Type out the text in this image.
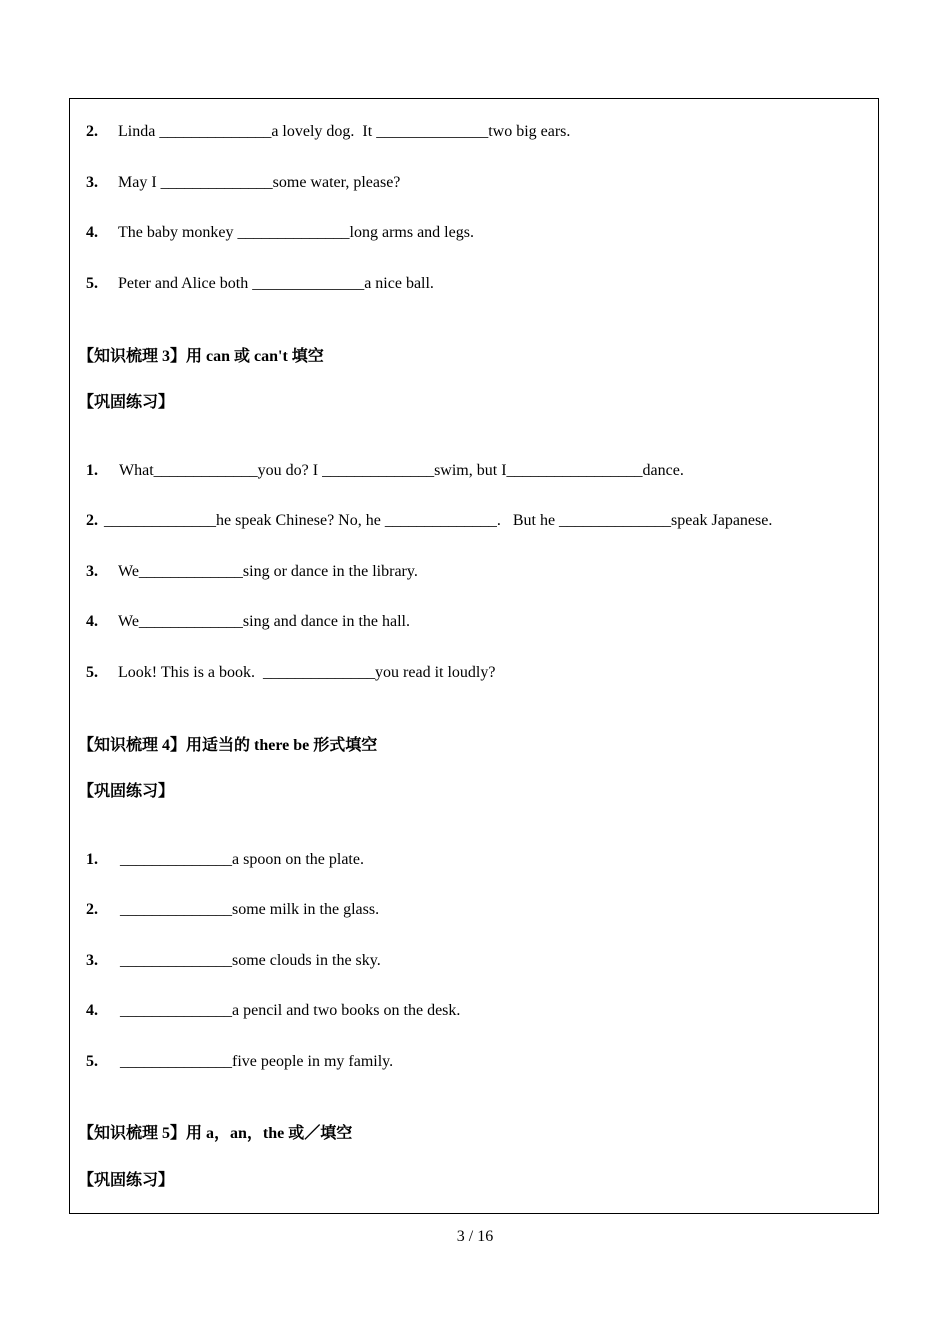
2. Linda ______________a lovely dog.  It ______________two big ears.

3. May I ______________some water, please?

4. The baby monkey ______________long arms and legs.

5. Peter and Alice both ______________a nice ball.

【知识梳理 3】用 can 或 can't 填空
【巩固练习】

1. What_____________you do? I ______________swim, but I_________________dance.

2. ______________he speak Chinese? No, he ______________.   But he ______________speak Japanese.

3. We_____________sing or dance in the library.

4. We_____________sing and dance in the hall.

5. Look! This is a book.  ______________you read it loudly?

【知识梳理 4】用适当的 there be 形式填空
【巩固练习】

1. ______________a spoon on the plate.

2. ______________some milk in the glass.

3. ______________some clouds in the sky.

4. ______________a pencil and two books on the desk.

5. ______________five people in my family.

【知识梳理 5】用 a，an，the 或／填空
【巩固练习】
3 / 16
